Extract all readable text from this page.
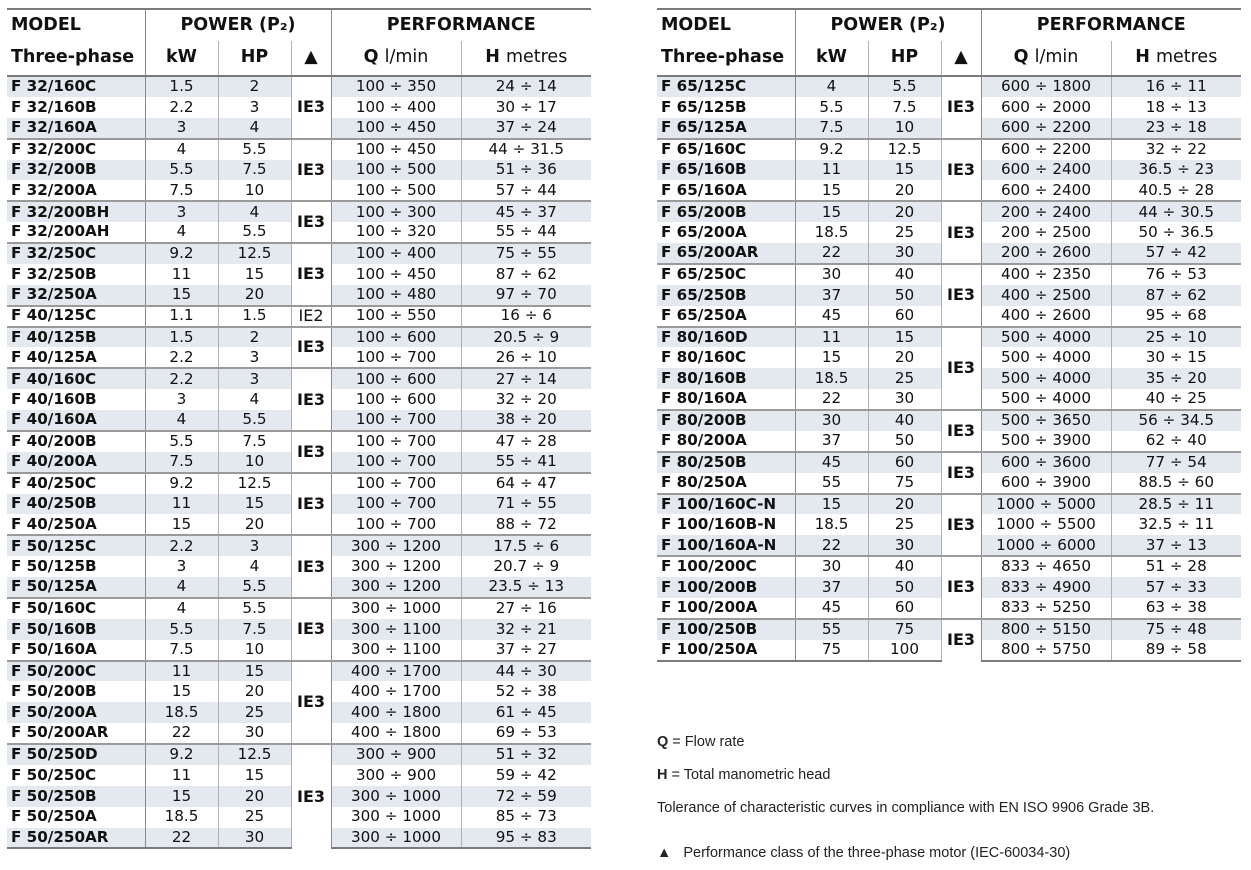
MODEL	POWER (P₂)			PERFORMANCE	
Three-phase	kW	HP	▲	Q l/min	H metres
F 32/160C	1.5	2	IE3	100 ÷ 350	24 ÷ 14
F 32/160B	2.2	3		100 ÷ 400	30 ÷ 17
F 32/160A	3	4		100 ÷ 450	37 ÷ 24
F 32/200C	4	5.5	IE3	100 ÷ 450	44 ÷ 31.5
F 32/200B	5.5	7.5		100 ÷ 500	51 ÷ 36
F 32/200A	7.5	10		100 ÷ 500	57 ÷ 44
F 32/200BH	3	4	IE3	100 ÷ 300	45 ÷ 37
F 32/200AH	4	5.5		100 ÷ 320	55 ÷ 44
F 32/250C	9.2	12.5	IE3	100 ÷ 400	75 ÷ 55
F 32/250B	11	15		100 ÷ 450	87 ÷ 62
F 32/250A	15	20		100 ÷ 480	97 ÷ 70
F 40/125C	1.1	1.5	IE2	100 ÷ 550	16 ÷ 6
F 40/125B	1.5	2	IE3	100 ÷ 600	20.5 ÷ 9
F 40/125A	2.2	3		100 ÷ 700	26 ÷ 10
F 40/160C	2.2	3	IE3	100 ÷ 600	27 ÷ 14
F 40/160B	3	4		100 ÷ 600	32 ÷ 20
F 40/160A	4	5.5		100 ÷ 700	38 ÷ 20
F 40/200B	5.5	7.5	IE3	100 ÷ 700	47 ÷ 28
F 40/200A	7.5	10		100 ÷ 700	55 ÷ 41
F 40/250C	9.2	12.5	IE3	100 ÷ 700	64 ÷ 47
F 40/250B	11	15		100 ÷ 700	71 ÷ 55
F 40/250A	15	20		100 ÷ 700	88 ÷ 72
F 50/125C	2.2	3	IE3	300 ÷ 1200	17.5 ÷ 6
F 50/125B	3	4		300 ÷ 1200	20.7 ÷ 9
F 50/125A	4	5.5		300 ÷ 1200	23.5 ÷ 13
F 50/160C	4	5.5	IE3	300 ÷ 1000	27 ÷ 16
F 50/160B	5.5	7.5		300 ÷ 1100	32 ÷ 21
F 50/160A	7.5	10		300 ÷ 1100	37 ÷ 27
F 50/200C	11	15	IE3	400 ÷ 1700	44 ÷ 30
F 50/200B	15	20		400 ÷ 1700	52 ÷ 38
F 50/200A	18.5	25		400 ÷ 1800	61 ÷ 45
F 50/200AR	22	30		400 ÷ 1800	69 ÷ 53
F 50/250D	9.2	12.5	IE3	300 ÷ 900	51 ÷ 32
F 50/250C	11	15		300 ÷ 900	59 ÷ 42
F 50/250B	15	20		300 ÷ 1000	72 ÷ 59
F 50/250A	18.5	25		300 ÷ 1000	85 ÷ 73
F 50/250AR	22	30		300 ÷ 1000	95 ÷ 83
MODEL	POWER (P₂)			PERFORMANCE	
Three-phase	kW	HP	▲	Q l/min	H metres
F 65/125C	4	5.5	IE3	600 ÷ 1800	16 ÷ 11
F 65/125B	5.5	7.5		600 ÷ 2000	18 ÷ 13
F 65/125A	7.5	10		600 ÷ 2200	23 ÷ 18
F 65/160C	9.2	12.5	IE3	600 ÷ 2200	32 ÷ 22
F 65/160B	11	15		600 ÷ 2400	36.5 ÷ 23
F 65/160A	15	20		600 ÷ 2400	40.5 ÷ 28
F 65/200B	15	20	IE3	200 ÷ 2400	44 ÷ 30.5
F 65/200A	18.5	25		200 ÷ 2500	50 ÷ 36.5
F 65/200AR	22	30		200 ÷ 2600	57 ÷ 42
F 65/250C	30	40	IE3	400 ÷ 2350	76 ÷ 53
F 65/250B	37	50		400 ÷ 2500	87 ÷ 62
F 65/250A	45	60		400 ÷ 2600	95 ÷ 68
F 80/160D	11	15	IE3	500 ÷ 4000	25 ÷ 10
F 80/160C	15	20		500 ÷ 4000	30 ÷ 15
F 80/160B	18.5	25		500 ÷ 4000	35 ÷ 20
F 80/160A	22	30		500 ÷ 4000	40 ÷ 25
F 80/200B	30	40	IE3	500 ÷ 3650	56 ÷ 34.5
F 80/200A	37	50		500 ÷ 3900	62 ÷ 40
F 80/250B	45	60	IE3	600 ÷ 3600	77 ÷ 54
F 80/250A	55	75		600 ÷ 3900	88.5 ÷ 60
F 100/160C-N	15	20	IE3	1000 ÷ 5000	28.5 ÷ 11
F 100/160B-N	18.5	25		1000 ÷ 5500	32.5 ÷ 11
F 100/160A-N	22	30		1000 ÷ 6000	37 ÷ 13
F 100/200C	30	40	IE3	833 ÷ 4650	51 ÷ 28
F 100/200B	37	50		833 ÷ 4900	57 ÷ 33
F 100/200A	45	60		833 ÷ 5250	63 ÷ 38
F 100/250B	55	75	IE3	800 ÷ 5150	75 ÷ 48
F 100/250A	75	100		800 ÷ 5750	89 ÷ 58
Q = Flow rate
H = Total manometric head
Tolerance of characteristic curves in compliance with EN ISO 9906 Grade 3B.
▲ Performance class of the three-phase motor (IEC-60034-30)
